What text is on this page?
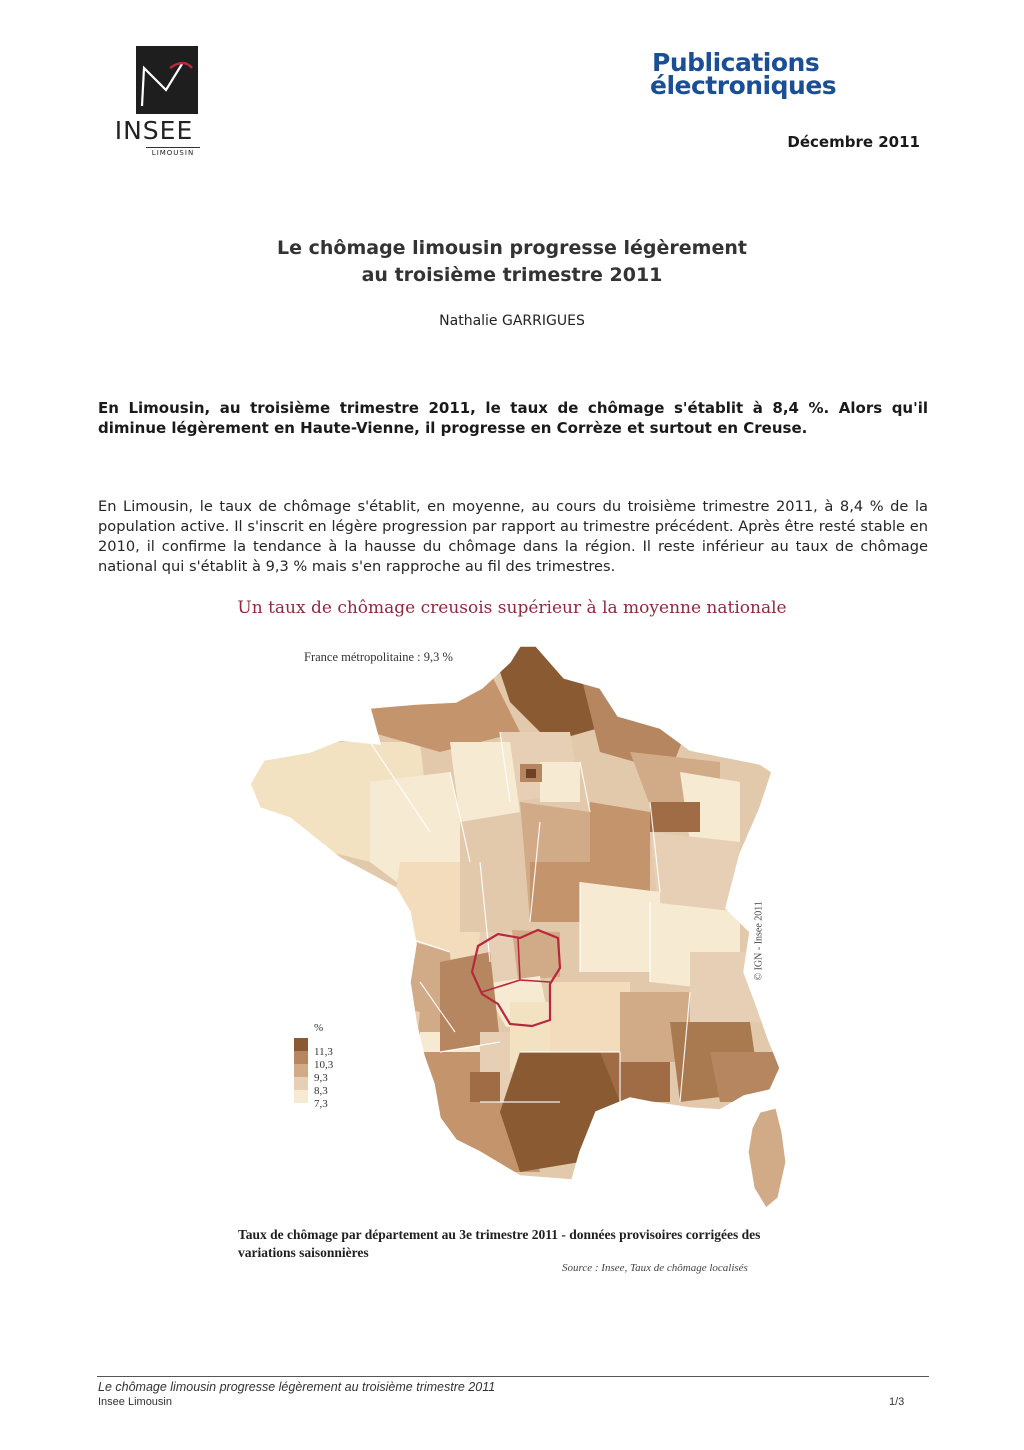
INSEE
LIMOUSIN
Publications
électroniques
Décembre 2011
Le chômage limousin progresse légèrement
au troisième trimestre 2011
Nathalie GARRIGUES
En Limousin, au troisième trimestre 2011, le taux de chômage s'établit à 8,4 %. Alors qu'il diminue légèrement en Haute-Vienne, il progresse en Corrèze et surtout en Creuse.
En Limousin, le taux de chômage s'établit, en moyenne, au cours du troisième trimestre 2011, à 8,4 % de la population active. Il s'inscrit en légère progression par rapport au trimestre précédent. Après être resté stable en 2010, il confirme la tendance à la hausse du chômage dans la région. Il reste inférieur au taux de chômage national qui s'établit à 9,3 % mais s'en rapproche au fil des trimestres.
Un taux de chômage creusois supérieur à la moyenne nationale
France métropolitaine : 9,3 %
© IGN - Insee 2011
%
11,3
10,3
9,3
8,3
7,3
Taux de chômage par département au 3e trimestre 2011 - données provisoires corrigées des variations saisonnières
Source : Insee, Taux de chômage localisés
Le chômage limousin progresse légèrement au troisième trimestre 2011
Insee Limousin	1/3
